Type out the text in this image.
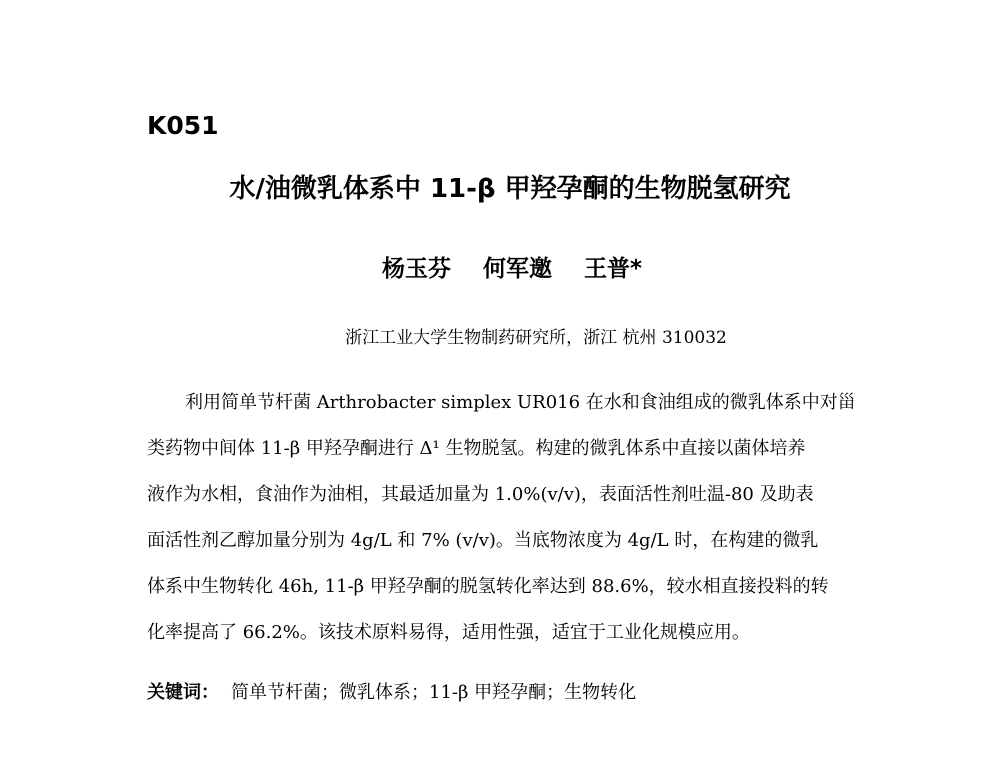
K051
水/油微乳体系中 11-β 甲羟孕酮的生物脱氢研究
杨玉芬 何军邀 王普*
浙江工业大学生物制药研究所，浙江 杭州 310032
利用简单节杆菌 Arthrobacter simplex UR016 在水和食油组成的微乳体系中对甾
类药物中间体 11-β 甲羟孕酮进行 Δ¹ 生物脱氢。构建的微乳体系中直接以菌体培养
液作为水相，食油作为油相，其最适加量为 1.0%(v/v)，表面活性剂吐温-80 及助表
面活性剂乙醇加量分别为 4g/L 和 7% (v/v)。当底物浓度为 4g/L 时，在构建的微乳
体系中生物转化 46h, 11-β 甲羟孕酮的脱氢转化率达到 88.6%，较水相直接投料的转
化率提高了 66.2%。该技术原料易得，适用性强，适宜于工业化规模应用。
关键词： 简单节杆菌；微乳体系；11-β 甲羟孕酮；生物转化
